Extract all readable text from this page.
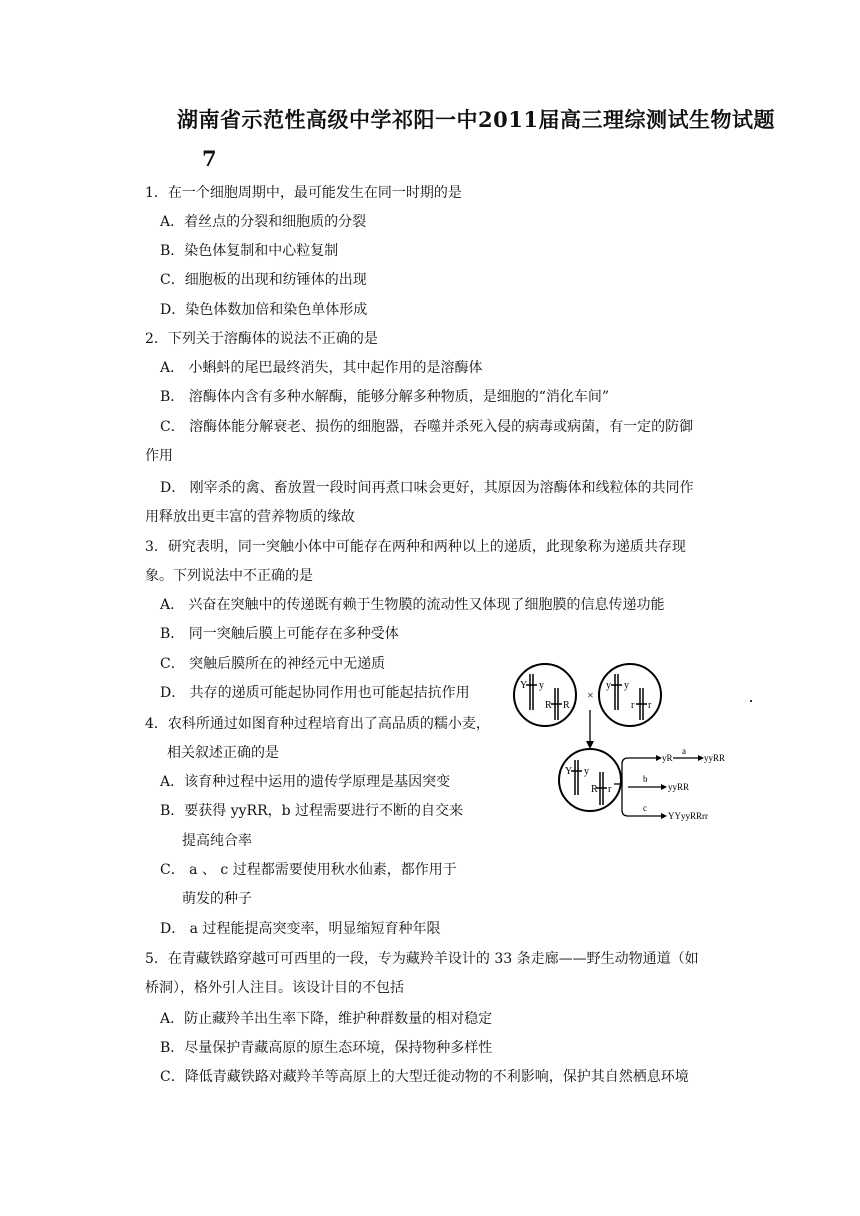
湖南省示范性高级中学祁阳一中2011届高三理综测试生物试题
7
1．在一个细胞周期中，最可能发生在同一时期的是
A．着丝点的分裂和细胞质的分裂
B．染色体复制和中心粒复制
C．细胞板的出现和纺锤体的出现
D．染色体数加倍和染色单体形成
2．下列关于溶酶体的说法不正确的是
A． 小蝌蚪的尾巴最终消失，其中起作用的是溶酶体
B． 溶酶体内含有多种水解酶，能够分解多种物质，是细胞的“消化车间”
C． 溶酶体能分解衰老、损伤的细胞器，吞噬并杀死入侵的病毒或病菌，有一定的防御
作用
D． 刚宰杀的禽、畜放置一段时间再煮口味会更好，其原因为溶酶体和线粒体的共同作
用释放出更丰富的营养物质的缘故
3．研究表明，同一突触小体中可能存在两种和两种以上的递质，此现象称为递质共存现
象。下列说法中不正确的是
A． 兴奋在突触中的传递既有赖于生物膜的流动性又体现了细胞膜的信息传递功能
B． 同一突触后膜上可能存在多种受体
C． 突触后膜所在的神经元中无递质
D． 共存的递质可能起协同作用也可能起拮抗作用
4．农科所通过如图育种过程培育出了高品质的糯小麦，
相关叙述正确的是
A．该育种过程中运用的遗传学原理是基因突变
B．要获得 yyRR，b 过程需要进行不断的自交来
提高纯合率
C． a 、 c 过程都需要使用秋水仙素，都作用于
萌发的种子
D． a 过程能提高突变率，明显缩短育种年限
5．在青藏铁路穿越可可西里的一段，专为藏羚羊设计的 33 条走廊——野生动物通道（如
桥洞），格外引人注目。该设计目的不包括
A．防止藏羚羊出生率下降，维护种群数量的相对稳定
B．尽量保护青藏高原的原生态环境，保持物种多样性
C．降低青藏铁路对藏羚羊等高原上的大型迁徙动物的不利影响，保护其自然栖息环境
Y y
R R
×
y y
r r
Y y
R r
yR
a
yyRR
b
yyRR
c
YYyyRRrr
